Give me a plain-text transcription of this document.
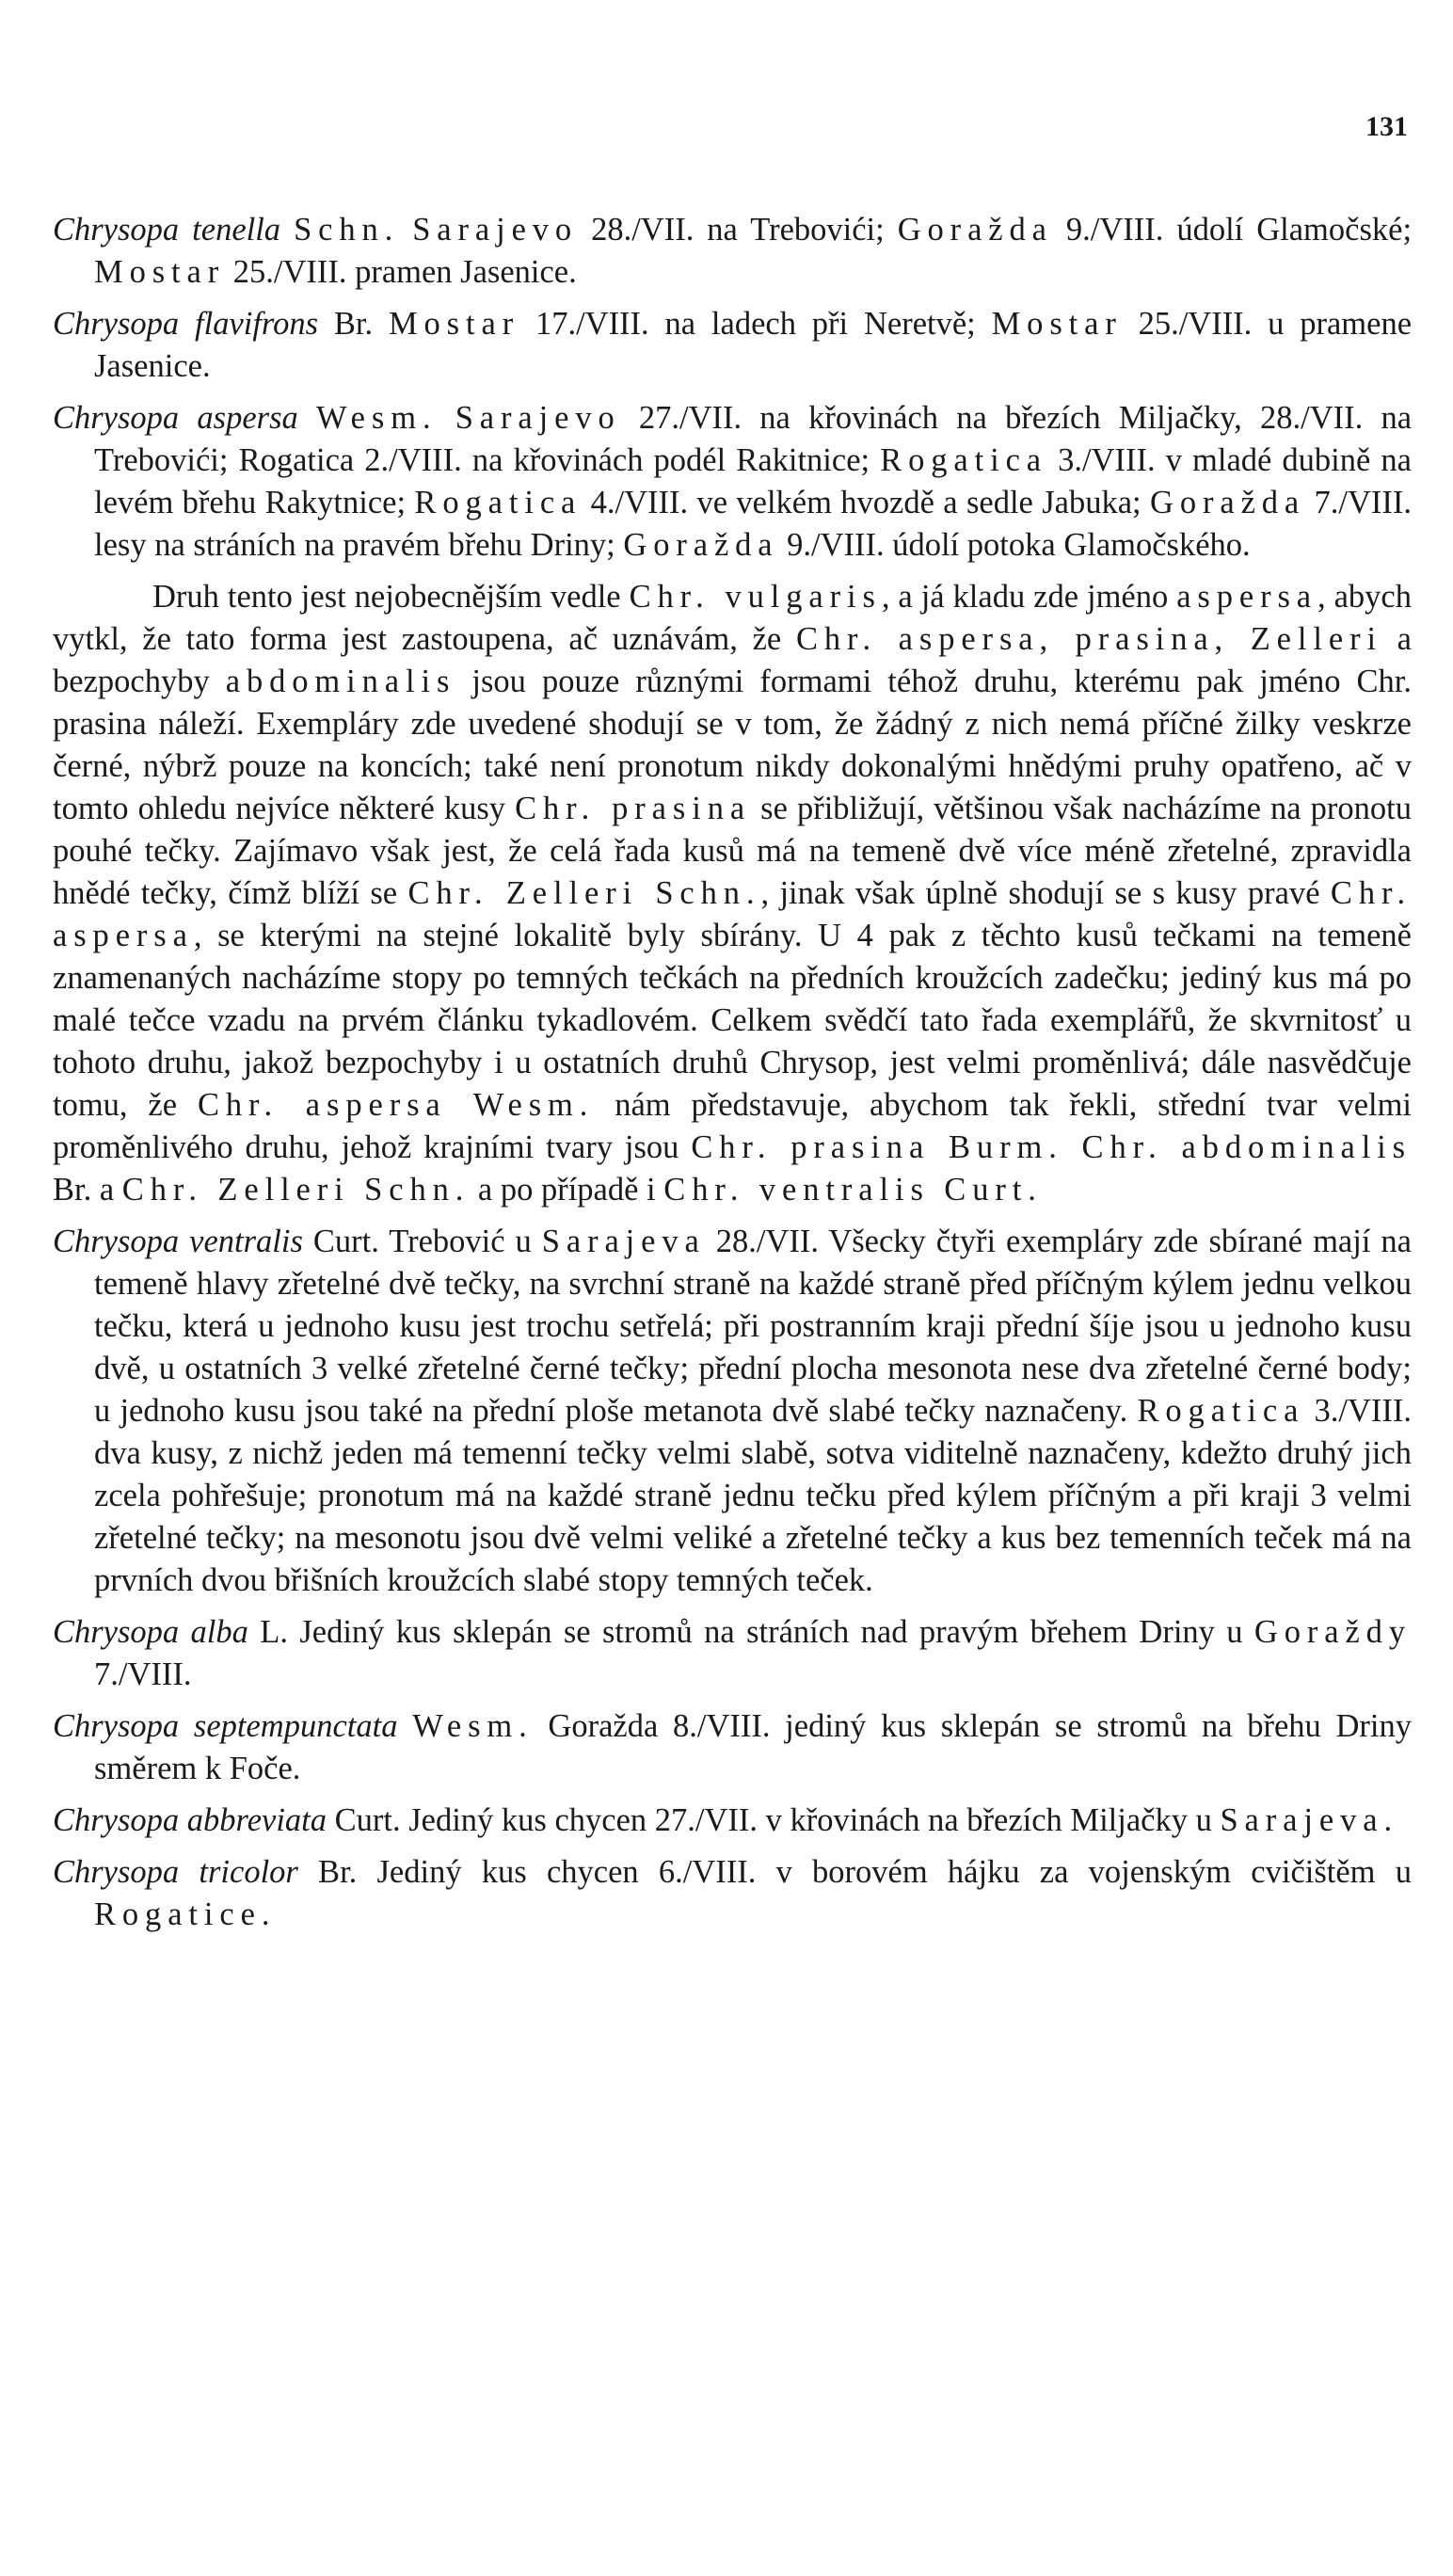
131

Chrysopa tenella Schn. Sarajevo 28./VII. na Trebovići; Goražda 9./VIII. údolí Glamočské; Mostar 25./VIII. pramen Jasenice.

Chrysopa flavifrons Br. Mostar 17./VIII. na ladech při Neretvě; Mostar 25./VIII. u pramene Jasenice.

Chrysopa aspersa Wesm. Sarajevo 27./VII. na křovinách na březích Miljačky, 28./VII. na Trebovići; Rogatica 2./VIII. na křovinách podél Rakitnice; Rogatica 3./VIII. v mladé dubině na levém břehu Rakytnice; Rogatica 4./VIII. ve velkém hvozdě a sedle Jabuka; Goražda 7./VIII. lesy na stráních na pravém břehu Driny; Goražda 9./VIII. údolí potoka Glamočského.

Druh tento jest nejobecnějším vedle Chr. vulgaris, a já kladu zde jméno aspersa, abych vytkl, že tato forma jest zastoupena, ač uznávám, že Chr. aspersa, prasina, Zelleri a bezpochyby abdominalis jsou pouze různými formami téhož druhu, kterému pak jméno Chr. prasina náleží. Exempláry zde uvedené shodují se v tom, že žádný z nich nemá příčné žilky veskrze černé, nýbrž pouze na koncích; také není pronotum nikdy dokonalými hnědými pruhy opatřeno, ač v tomto ohledu nejvíce některé kusy Chr. prasina se přibližují, většinou však nacházíme na pronotu pouhé tečky. Zajímavo však jest, že celá řada kusů má na temeně dvě více méně zřetelné, zpravidla hnědé tečky, čímž blíží se Chr. Zelleri Schn., jinak však úplně shodují se s kusy pravé Chr. aspersa, se kterými na stejné lokalitě byly sbírány. U 4 pak z těchto kusů tečkami na temeně znamenaných nacházíme stopy po temných tečkách na předních kroužcích zadečku; jediný kus má po malé tečce vzadu na prvém článku tykadlovém. Celkem svědčí tato řada exemplářů, že skvrnitosť u tohoto druhu, jakož bezpochyby i u ostatních druhů Chrysop, jest velmi proměnlivá; dále nasvědčuje tomu, že Chr. aspersa Wesm. nám představuje, abychom tak řekli, střední tvar velmi proměnlivého druhu, jehož krajními tvary jsou Chr. prasina Burm. Chr. abdominalis Br. a Chr. Zelleri Schn. a po případě i Chr. ventralis Curt.

Chrysopa ventralis Curt. Trebović u Sarajeva 28./VII. Všecky čtyři exempláry zde sbírané mají na temeně hlavy zřetelné dvě tečky, na svrchní straně na každé straně před příčným kýlem jednu velkou tečku, která u jednoho kusu jest trochu setřelá; při postranním kraji přední šíje jsou u jednoho kusu dvě, u ostatních 3 velké zřetelné černé tečky; přední plocha mesonota nese dva zřetelné černé body; u jednoho kusu jsou také na přední ploše metanota dvě slabé tečky naznačeny. Rogatica 3./VIII. dva kusy, z nichž jeden má temenní tečky velmi slabě, sotva viditelně naznačeny, kdežto druhý jich zcela pohřešuje; pronotum má na každé straně jednu tečku před kýlem příčným a při kraji 3 velmi zřetelné tečky; na mesonotu jsou dvě velmi veliké a zřetelné tečky a kus bez temenních teček má na prvních dvou břišních kroužcích slabé stopy temných teček.

Chrysopa alba L. Jediný kus sklepán se stromů na stráních nad pravým břehem Driny u Goraždy 7./VIII.

Chrysopa septempunctata Wesm. Goražda 8./VIII. jediný kus sklepán se stromů na břehu Driny směrem k Foče.

Chrysopa abbreviata Curt. Jediný kus chycen 27./VII. v křovinách na březích Miljačky u Sarajeva.

Chrysopa tricolor Br. Jediný kus chycen 6./VIII. v borovém hájku za vojenským cvičištěm u Rogatice.
